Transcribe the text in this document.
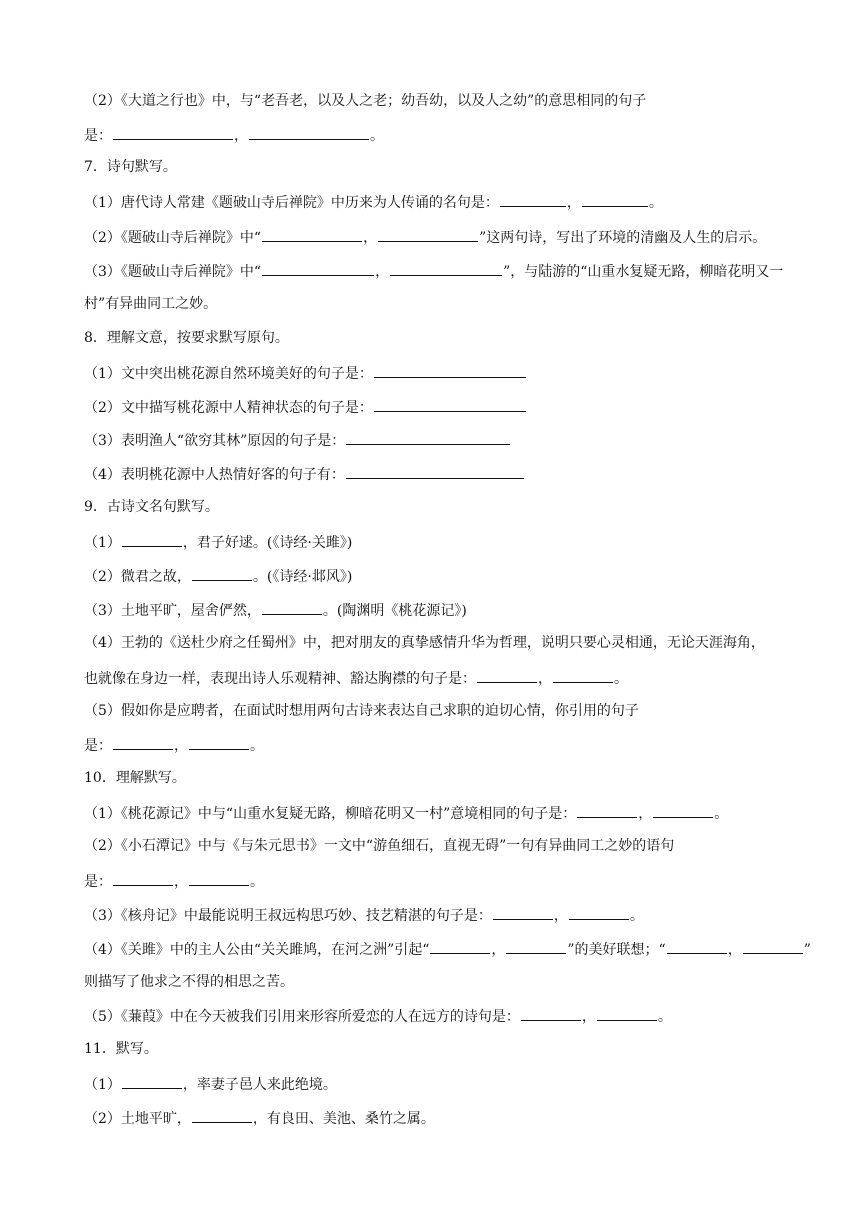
（2）《大道之行也》中，与“老吾老，以及人之老；幼吾幼，以及人之幼”的意思相同的句子
是：	，	。
7．诗句默写。
（1）唐代诗人常建《题破山寺后禅院》中历来为人传诵的名句是：	，	。
（2）《题破山寺后禅院》中“	，	”这两句诗，写出了环境的清幽及人生的启示。
（3）《题破山寺后禅院》中“	，	”，与陆游的“山重水复疑无路，柳暗花明又一
村”有异曲同工之妙。
8．理解文意，按要求默写原句。
（1）文中突出桃花源自然环境美好的句子是：
（2）文中描写桃花源中人精神状态的句子是：
（3）表明渔人“欲穷其林”原因的句子是：
（4）表明桃花源中人热情好客的句子有：
9．古诗文名句默写。
（1）	，君子好逑。(《诗经·关雎》)
（2）微君之故，	。(《诗经·邶风》)
（3）土地平旷，屋舍俨然，	。(陶渊明《桃花源记》)
（4）王勃的《送杜少府之任蜀州》中，把对朋友的真挚感情升华为哲理，说明只要心灵相通，无论天涯海角，
也就像在身边一样，表现出诗人乐观精神、豁达胸襟的句子是：	，	。
（5）假如你是应聘者，在面试时想用两句古诗来表达自己求职的迫切心情，你引用的句子
是：	，	。
10．理解默写。
（1）《桃花源记》中与“山重水复疑无路，柳暗花明又一村”意境相同的句子是：	，	。
（2）《小石潭记》中与《与朱元思书》一文中“游鱼细石，直视无碍”一句有异曲同工之妙的语句
是：	，	。
（3）《核舟记》中最能说明王叔远构思巧妙、技艺精湛的句子是：	，	。
（4）《关雎》中的主人公由“关关雎鸠，在河之洲”引起“	，	”的美好联想；“	，	”
则描写了他求之不得的相思之苦。
（5）《蒹葭》中在今天被我们引用来形容所爱恋的人在远方的诗句是：	，	。
11．默写。
（1）	，率妻子邑人来此绝境。
（2）土地平旷，	，有良田、美池、桑竹之属。
